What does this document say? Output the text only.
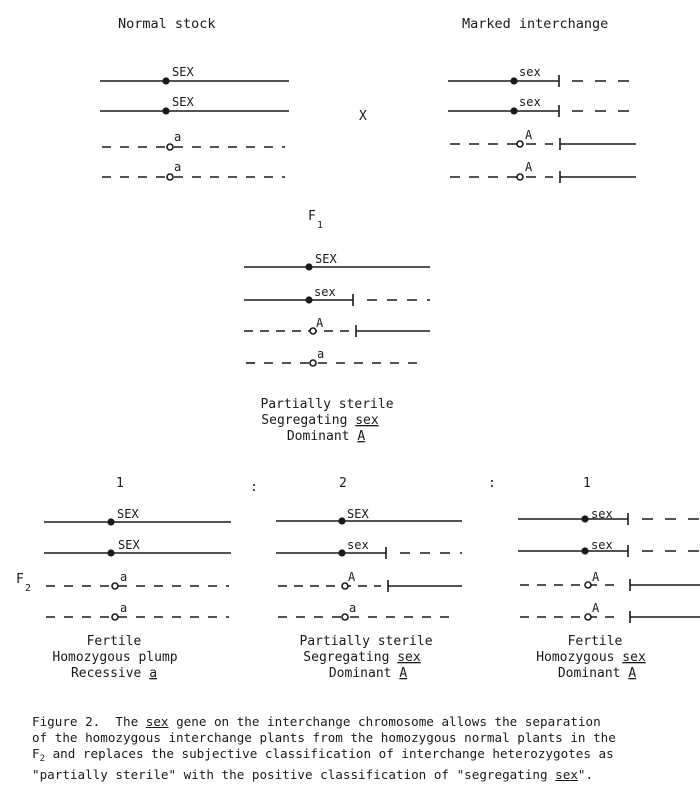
Normal stock	Marked interchange
X
SEX
SEX
a
a
sex
sex
A
A
F
1
SEX
sex
A
a
Partially sterile
Segregating sex
Dominant A
1	:	2	:	1
F
2
SEX
SEX
a
a
SEX
sex
A
a
sex
sex
A
A
Fertile
Homozygous plump
Recessive a
Partially sterile
Segregating sex
Dominant A
Fertile
Homozygous sex
Dominant A
Figure 2.  The sex gene on the interchange chromosome allows the separation
of the homozygous interchange plants from the homozygous normal plants in the
$F_2$ and replaces the subjective classification of interchange heterozygotes as
"partially sterile" with the positive classification of "segregating sex".
